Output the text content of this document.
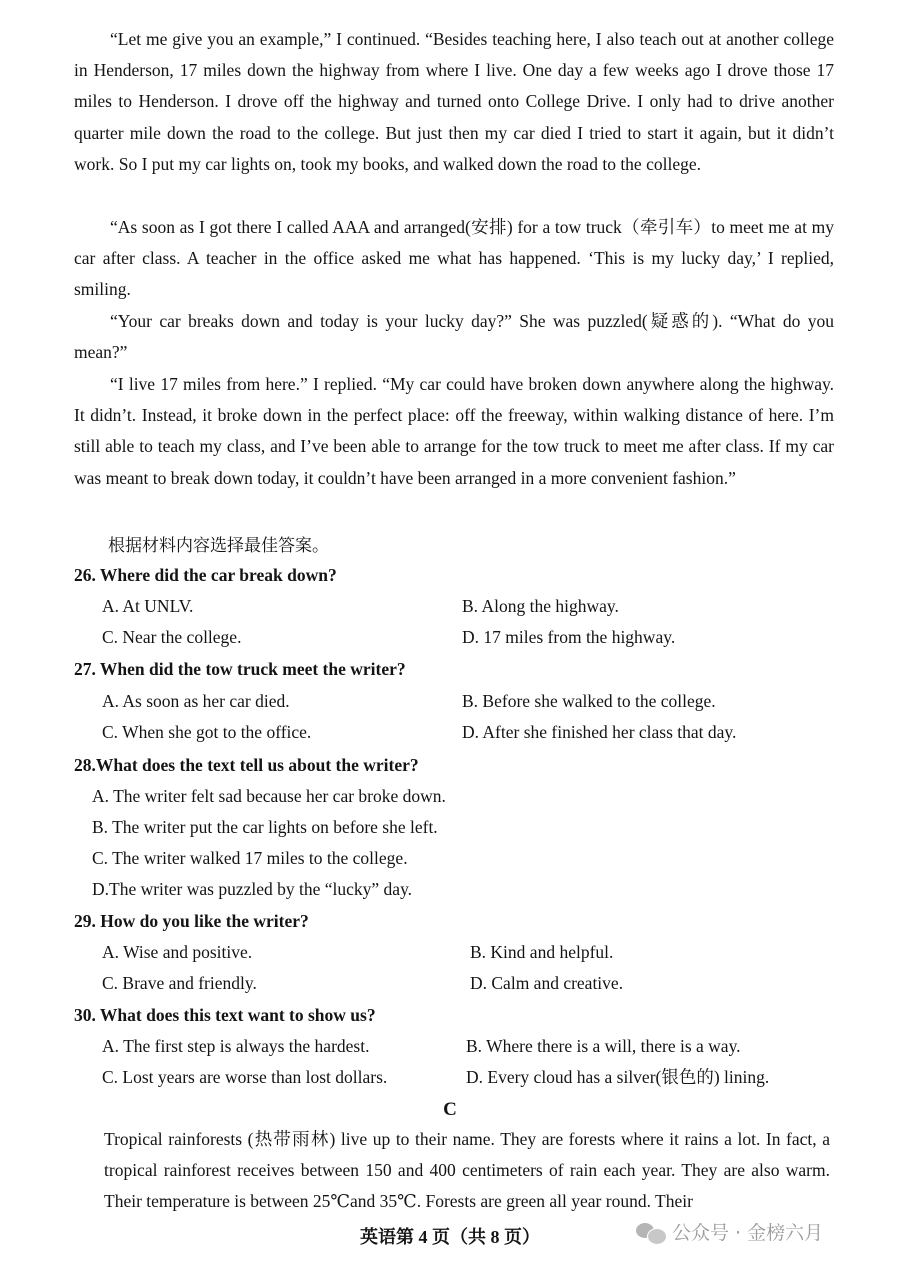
“Let me give you an example,” I continued. “Besides teaching here, I also teach out at another college in Henderson, 17 miles down the highway from where I live. One day a few weeks ago I drove those 17 miles to Henderson. I drove off the highway and turned onto College Drive. I only had to drive another quarter mile down the road to the college. But just then my car died I tried to start it again, but it didn’t work. So I put my car lights on, took my books, and walked down the road to the college.

“As soon as I got there I called AAA and arranged(安排) for a tow truck（牵引车）to meet me at my car after class. A teacher in the office asked me what has happened. ‘This is my lucky day,’ I replied, smiling.

“Your car breaks down and today is your lucky day?” She was puzzled(疑惑的). “What do you mean?”

“I live 17 miles from here.” I replied. “My car could have broken down anywhere along the highway. It didn’t. Instead, it broke down in the perfect place: off the freeway, within walking distance of here. I’m still able to teach my class, and I’ve been able to arrange for the tow truck to meet me after class. If my car was meant to break down today, it couldn’t have been arranged in a more convenient fashion.”

根据材料内容选择最佳答案。
26. Where did the car break down?
A. At UNLV.	B. Along the highway.
C. Near the college.	D. 17 miles from the highway.
27. When did the tow truck meet the writer?
A. As soon as her car died.	B. Before she walked to the college.
C. When she got to the office.	D. After she finished her class that day.
28.What does the text tell us about the writer?
A. The writer felt sad because her car broke down.
B. The writer put the car lights on before she left.
C. The writer walked 17 miles to the college.
D.The writer was puzzled by the “lucky” day.
29. How do you like the writer?
A. Wise and positive.	B. Kind and helpful.
C. Brave and friendly.	D. Calm and creative.
30. What does this text want to show us?
A. The first step is always the hardest.	B. Where there is a will, there is a way.
C. Lost years are worse than lost dollars.	D. Every cloud has a silver(银色的) lining.
C

Tropical rainforests (热带雨林) live up to their name. They are forests where it rains a lot. In fact, a tropical rainforest receives between 150 and 400 centimeters of rain each year. They are also warm. Their temperature is between 25℃and 35℃. Forests are green all year round. Their

英语第 4 页（共 8 页）	公众号 · 金榜六月
